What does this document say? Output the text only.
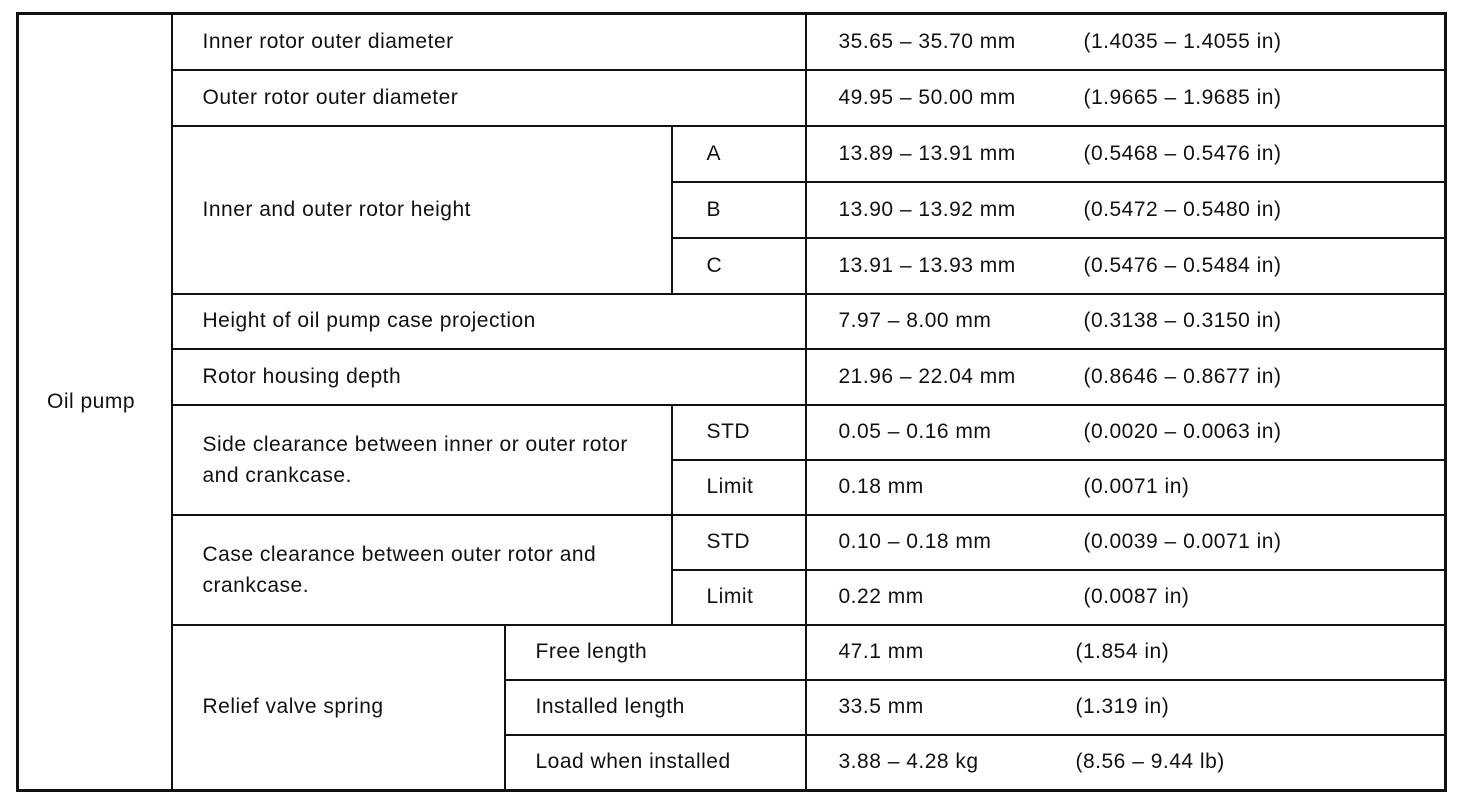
Oil pump	Inner rotor outer diameter			35.65 – 35.70 mm	(1.4035 – 1.4055 in)
	Outer rotor outer diameter			49.95 – 50.00 mm	(1.9665 – 1.9685 in)
	Inner and outer rotor height		A	13.89 – 13.91 mm	(0.5468 – 0.5476 in)
			B	13.90 – 13.92 mm	(0.5472 – 0.5480 in)
			C	13.91 – 13.93 mm	(0.5476 – 0.5484 in)
	Height of oil pump case projection			7.97 – 8.00 mm	(0.3138 – 0.3150 in)
	Rotor housing depth			21.96 – 22.04 mm	(0.8646 – 0.8677 in)
	Side clearance between inner or outer rotor and crankcase.		STD	0.05 – 0.16 mm	(0.0020 – 0.0063 in)
			Limit	0.18 mm	(0.0071 in)
	Case clearance between outer rotor and crankcase.		STD	0.10 – 0.18 mm	(0.0039 – 0.0071 in)
			Limit	0.22 mm	(0.0087 in)
	Relief valve spring	Free length		47.1 mm	(1.854 in)
		Installed length		33.5 mm	(1.319 in)
		Load when installed		3.88 – 4.28 kg	(8.56 – 9.44 lb)
